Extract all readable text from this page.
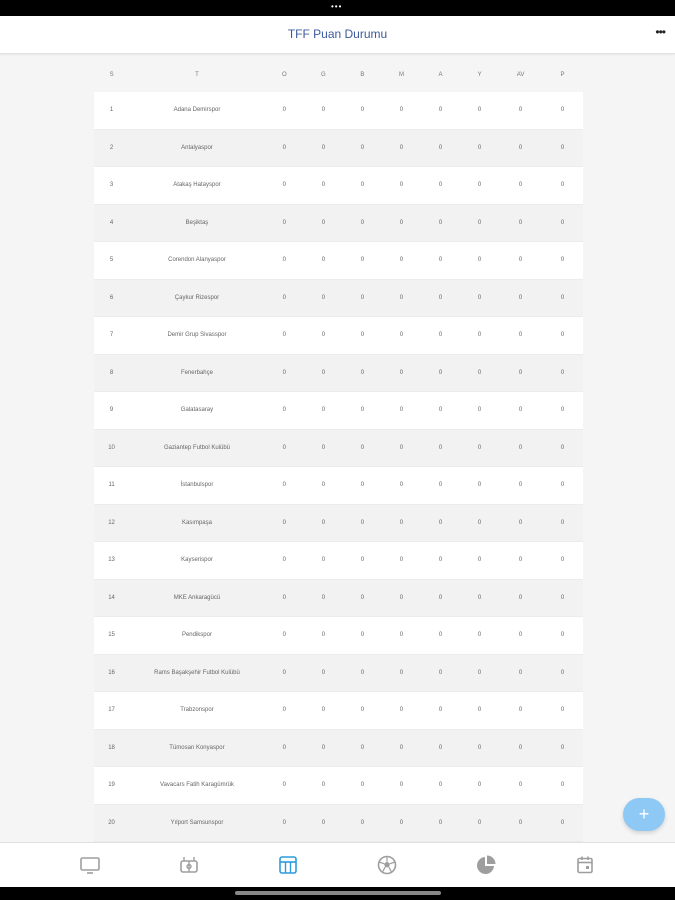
•••
TFF Puan Durumu	•••
S	T	O	G	B	M	A	Y	AV	P
1	Adana Demirspor	0	0	0	0	0	0	0	0
2	Antalyaspor	0	0	0	0	0	0	0	0
3	Atakaş Hatayspor	0	0	0	0	0	0	0	0
4	Beşiktaş	0	0	0	0	0	0	0	0
5	Corendon Alanyaspor	0	0	0	0	0	0	0	0
6	Çaykur Rizespor	0	0	0	0	0	0	0	0
7	Demir Grup Sivasspor	0	0	0	0	0	0	0	0
8	Fenerbahçe	0	0	0	0	0	0	0	0
9	Galatasaray	0	0	0	0	0	0	0	0
10	Gaziantep Futbol Kulübü	0	0	0	0	0	0	0	0
11	İstanbulspor	0	0	0	0	0	0	0	0
12	Kasımpaşa	0	0	0	0	0	0	0	0
13	Kayserispor	0	0	0	0	0	0	0	0
14	MKE Ankaragücü	0	0	0	0	0	0	0	0
15	Pendikspor	0	0	0	0	0	0	0	0
16	Rams Başakşehir Futbol Kulübü	0	0	0	0	0	0	0	0
17	Trabzonspor	0	0	0	0	0	0	0	0
18	Tümosan Konyaspor	0	0	0	0	0	0	0	0
19	Vavacars Fatih Karagümrük	0	0	0	0	0	0	0	0
20	Yılport Samsunspor	0	0	0	0	0	0	0	0	+
